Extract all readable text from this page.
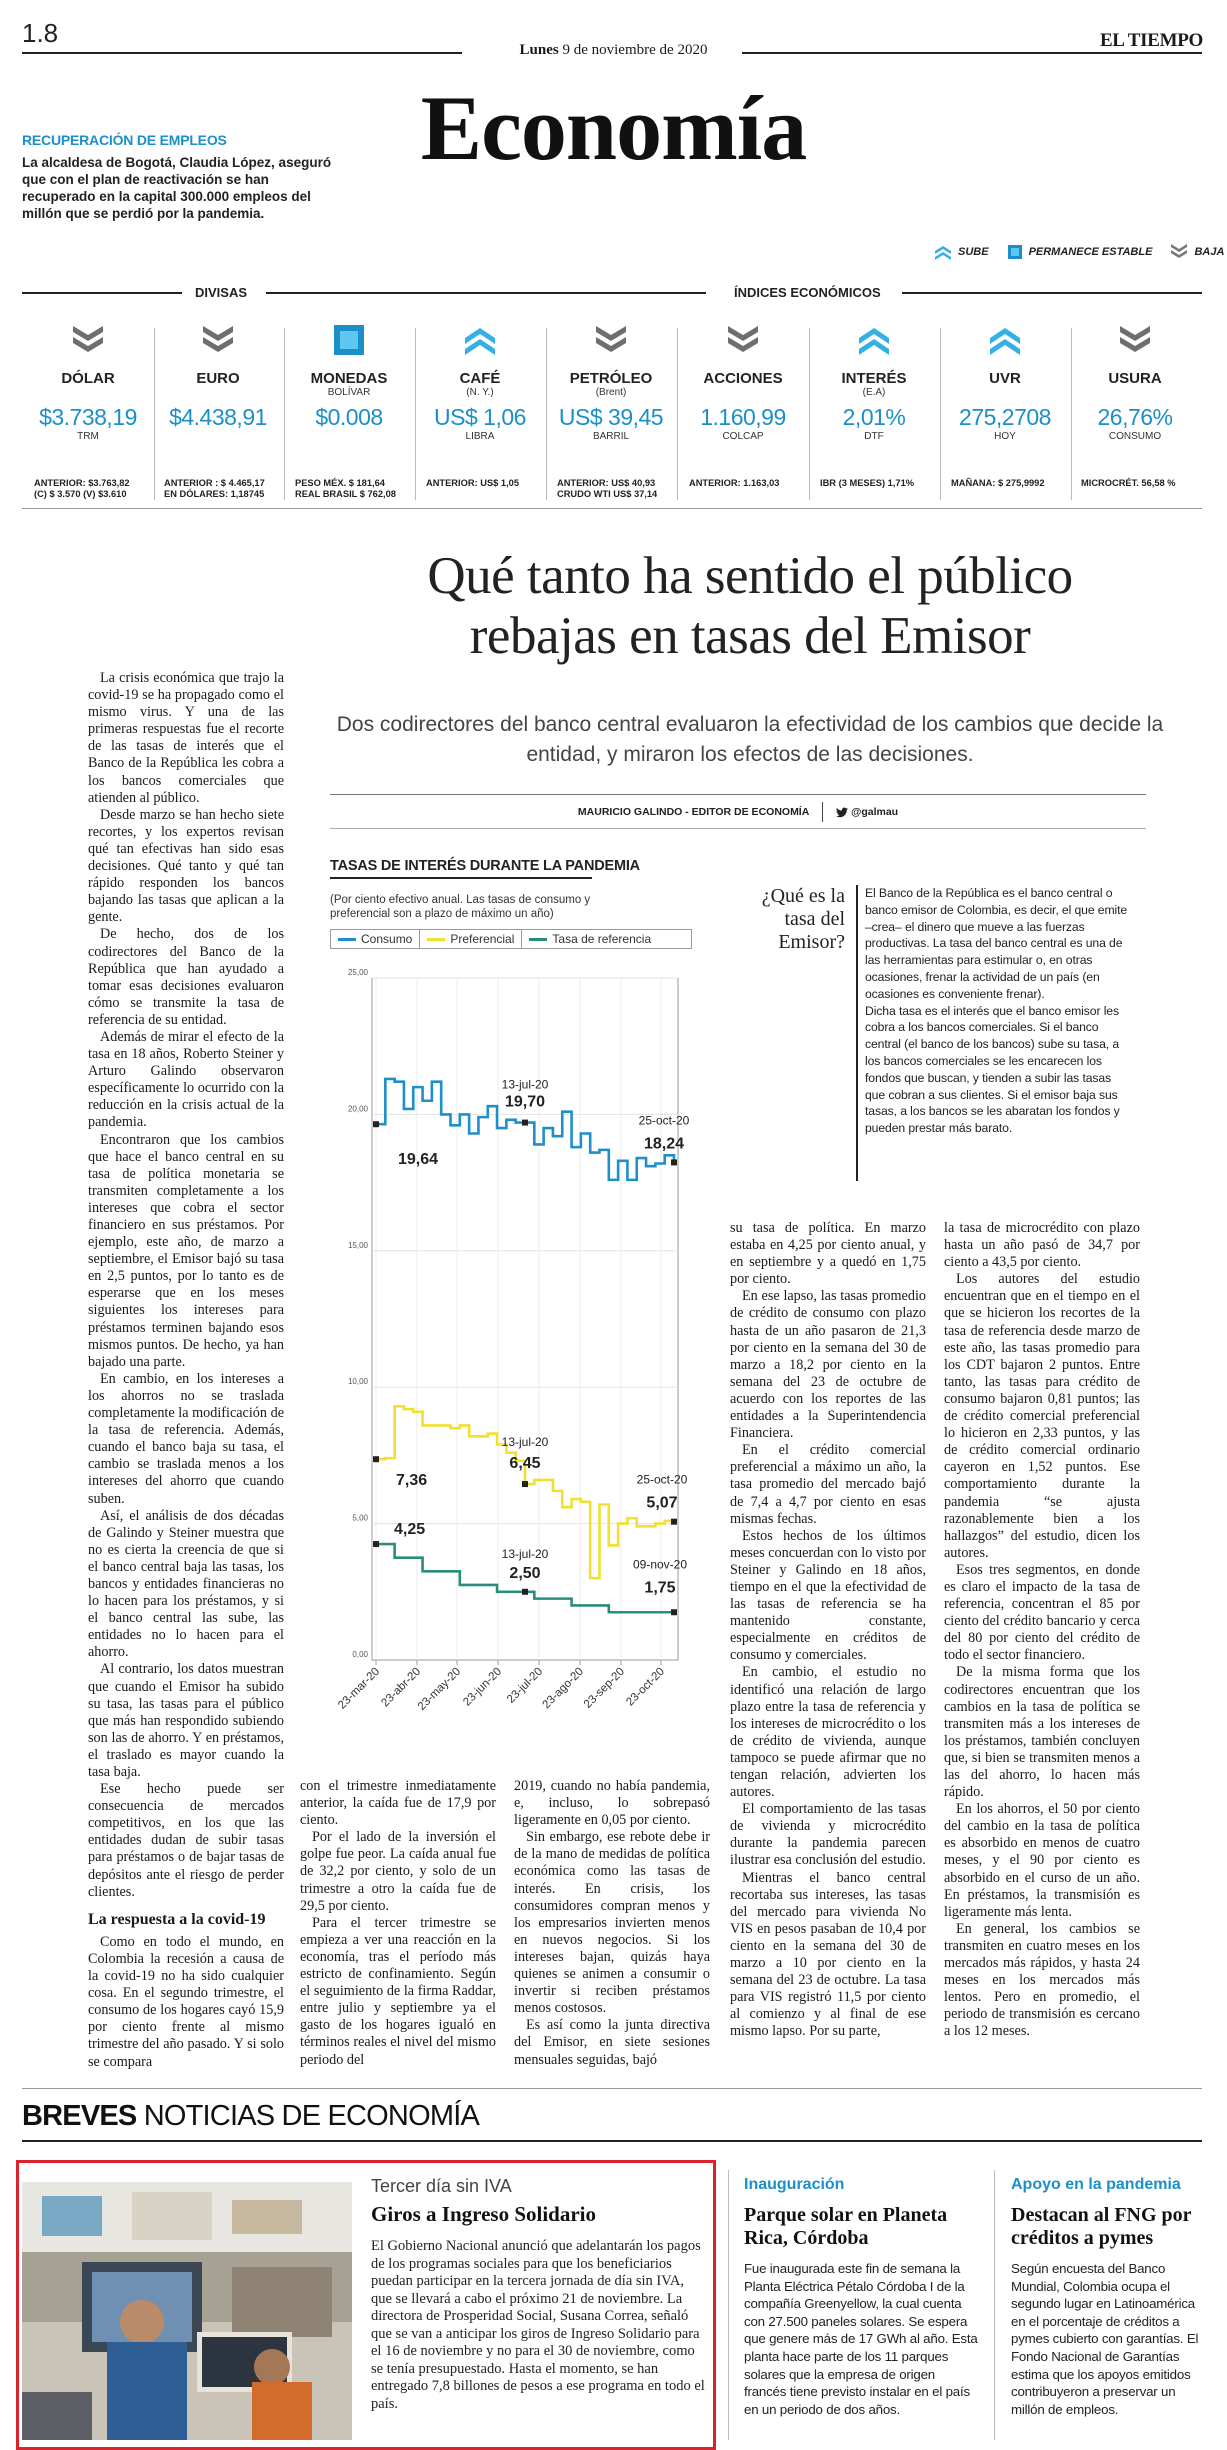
1.8
Lunes 9 de noviembre de 2020	EL TIEMPO
Economía
RECUPERACIÓN DE EMPLEOS
La alcaldesa de Bogotá, Claudia López, aseguró que con el plan de reactivación se han recuperado en la capital 300.000 empleos del millón que se perdió por la pandemia.
SUBE	PERMANECE ESTABLE	BAJA
DIVISAS	ÍNDICES ECONÓMICOS
DÓLAR
$3.738,19
TRM
ANTERIOR: $3.763,82
(C) $ 3.570 (V) $3.610
EURO
$4.438,91
ANTERIOR : $ 4.465,17
EN DÓLARES: 1,18745
MONEDAS
BOLÍVAR
$0.008
PESO MÉX. $ 181,64
REAL BRASIL $ 762,08
CAFÉ
(N. Y.)
US$ 1,06
LIBRA
ANTERIOR: US$ 1,05
PETRÓLEO
(Brent)
US$ 39,45
BARRIL
ANTERIOR: US$ 40,93
CRUDO WTI US$ 37,14
ACCIONES
1.160,99
COLCAP
ANTERIOR: 1.163,03
INTERÉS
(E.A)
2,01%
DTF
IBR (3 MESES) 1,71%
UVR
275,2708
HOY
MAÑANA: $ 275,9992
USURA
26,76%
CONSUMO
MICROCRÉT. 56,58 %
Qué tanto ha sentido el público
rebajas en tasas del Emisor
Dos codirectores del banco central evaluaron la efectividad de los cambios que decide la entidad, y miraron los efectos de las decisiones.
MAURICIO GALINDO - EDITOR DE ECONOMÍA	@galmau

La crisis económica que trajo la covid-19 se ha propagado como el mismo virus. Y una de las primeras respuestas fue el recorte de las tasas de interés que el Banco de la República les cobra a los bancos comerciales que atienden al público.

Desde marzo se han hecho siete recortes, y los expertos revisan qué tan efectivas han sido esas decisiones. Qué tanto y qué tan rápido responden los bancos bajando las tasas que aplican a la gente.

De hecho, dos de los codirectores del Banco de la República que han ayudado a tomar esas decisiones evaluaron cómo se transmite la tasa de referencia de su entidad.

Además de mirar el efecto de la tasa en 18 años, Roberto Steiner y Arturo Galindo observaron específicamente lo ocurrido con la reducción en la crisis actual de la pandemia.

Encontraron que los cambios que hace el banco central en su tasa de política monetaria se transmiten completamente a los intereses que cobra el sector financiero en sus préstamos. Por ejemplo, este año, de marzo a septiembre, el Emisor bajó su tasa en 2,5 puntos, por lo tanto es de esperarse que en los meses siguientes los intereses para préstamos terminen bajando esos mismos puntos. De hecho, ya han bajado una parte.

En cambio, en los intereses a los ahorros no se traslada completamente la modificación de la tasa de referencia. Además, cuando el banco baja su tasa, el cambio se traslada menos a los intereses del ahorro que cuando suben.

Así, el análisis de dos décadas de Galindo y Steiner muestra que no es cierta la creencia de que si el banco central baja las tasas, los bancos y entidades financieras no lo hacen para los préstamos, y si el banco central las sube, las entidades no lo hacen para el ahorro.

Al contrario, los datos muestran que cuando el Emisor ha subido su tasa, las tasas para el público que más han respondido subiendo son las de ahorro. Y en préstamos, el traslado es mayor cuando la tasa baja.

Ese hecho puede ser consecuencia de mercados competitivos, en los que las entidades dudan de subir tasas para préstamos o de bajar tasas de depósitos ante el riesgo de perder clientes.

La respuesta a la covid-19

Como en todo el mundo, en Colombia la recesión a causa de la covid-19 no ha sido cualquier cosa. En el segundo trimestre, el consumo de los hogares cayó 15,9 por ciento frente al mismo trimestre del año pasado. Y si solo se compara

TASAS DE INTERÉS DURANTE LA PANDEMIA
(Por ciento efectivo anual. Las tasas de consumo y preferencial son a plazo de máximo un año)
Consumo	Preferencial	Tasa de referencia
0,00
5,00
10,00
15,00
20,00
25,00
23-mar-20
23-abr-20
23-may-20
23-jun-20 23-jul-20
23-ago-20
23-sep-20
23-oct-20
13-jul-20
19,70
25-oct-20
18,24
19,64
13-jul-20
6,45
25-oct-20
5,07
7,36
13-jul-20
2,50
09-nov-20
1,75
4,25
¿Qué es la tasa del Emisor?
El Banco de la República es el banco central o banco emisor de Colombia, es decir, el que emite –crea– el dinero que mueve a las fuerzas productivas. La tasa del banco central es una de las herramientas para estimular o, en otras ocasiones, frenar la actividad de un país (en ocasiones es conveniente frenar).
Dicha tasa es el interés que el banco emisor les cobra a los bancos comerciales. Si el banco central (el banco de los bancos) sube su tasa, a los bancos comerciales se les encarecen los fondos que buscan, y tienden a subir las tasas que cobran a sus clientes. Si el emisor baja sus tasas, a los bancos se les abaratan los fondos y pueden prestar más barato.

con el trimestre inmediatamente anterior, la caída fue de 17,9 por ciento.

Por el lado de la inversión el golpe fue peor. La caída anual fue de 32,2 por ciento, y solo de un trimestre a otro la caída fue de 29,5 por ciento.

Para el tercer trimestre se empieza a ver una reacción en la economía, tras el período más estricto de confinamiento. Según el seguimiento de la firma Raddar, entre julio y septiembre ya el gasto de los hogares igualó en términos reales el nivel del mismo periodo del

2019, cuando no había pandemia, e, incluso, lo sobrepasó ligeramente en 0,05 por ciento.

Sin embargo, ese rebote debe ir de la mano de medidas de política económica como las tasas de interés. En crisis, los consumidores compran menos y los empresarios invierten menos en nuevos negocios. Si los intereses bajan, quizás haya quienes se animen a consumir o invertir si reciben préstamos menos costosos.

Es así como la junta directiva del Emisor, en siete sesiones mensuales seguidas, bajó

su tasa de política. En marzo estaba en 4,25 por ciento anual, y en septiembre y a quedó en 1,75 por ciento.

En ese lapso, las tasas promedio de crédito de consumo con plazo hasta de un año pasaron de 21,3 por ciento en la semana del 30 de marzo a 18,2 por ciento en la semana del 23 de octubre de acuerdo con los reportes de las entidades a la Superintendencia Financiera.

En el crédito comercial preferencial a máximo un año, la tasa promedio del mercado bajó de 7,4 a 4,7 por ciento en esas mismas fechas.

Estos hechos de los últimos meses concuerdan con lo visto por Steiner y Galindo en 18 años, tiempo en el que la efectividad de las tasas de referencia se ha mantenido constante, especialmente en créditos de consumo y comerciales.

En cambio, el estudio no identificó una relación de largo plazo entre la tasa de referencia y los intereses de microcrédito o los de crédito de vivienda, aunque tampoco se puede afirmar que no tengan relación, advierten los autores.

El comportamiento de las tasas de vivienda y microcrédito durante la pandemia parecen ilustrar esa conclusión del estudio.

Mientras el banco central recortaba sus intereses, las tasas del mercado para vivienda No VIS en pesos pasaban de 10,4 por ciento en la semana del 30 de marzo a 10 por ciento en la semana del 23 de octubre. La tasa para VIS registró 11,5 por ciento al comienzo y al final de ese mismo lapso. Por su parte,

la tasa de microcrédito con plazo hasta un año pasó de 34,7 por ciento a 43,5 por ciento.

Los autores del estudio encuentran que en el tiempo en el que se hicieron los recortes de la tasa de referencia desde marzo de este año, las tasas promedio para los CDT bajaron 2 puntos. Entre tanto, las tasas para crédito de consumo bajaron 0,81 puntos; las de crédito comercial preferencial lo hicieron en 2,33 puntos, y las de crédito comercial ordinario cayeron en 1,52 puntos. Ese comportamiento durante la pandemia “se ajusta razonablemente bien a los hallazgos” del estudio, dicen los autores.

Esos tres segmentos, en donde es claro el impacto de la tasa de referencia, concentran el 85 por ciento del crédito bancario y cerca del 80 por ciento del crédito de todo el sector financiero.

De la misma forma que los codirectores encuentran que los cambios en la tasa de política se transmiten más a los intereses de los préstamos, también concluyen que, si bien se transmiten menos a las del ahorro, lo hacen más rápido.

En los ahorros, el 50 por ciento del cambio en la tasa de política es absorbido en menos de cuatro meses, y el 90 por ciento es absorbido en el curso de un año. En préstamos, la transmisión es ligeramente más lenta.

En general, los cambios se transmiten en cuatro meses en los mercados más rápidos, y hasta 24 meses en los mercados más lentos. Pero en promedio, el periodo de transmisión es cercano a los 12 meses.

BREVES NOTICIAS DE ECONOMÍA
Tercer día sin IVA
Giros a Ingreso Solidario
El Gobierno Nacional anunció que adelantarán los pagos de los programas sociales para que los beneficiarios puedan participar en la tercera jornada de día sin IVA, que se llevará a cabo el próximo 21 de noviembre. La directora de Prosperidad Social, Susana Correa, señaló que se van a anticipar los giros de Ingreso Solidario para el 16 de noviembre y no para el 30 de noviembre, como se tenía presupuestado. Hasta el momento, se han entregado 7,8 billones de pesos a ese programa en todo el país.
Inauguración
Parque solar en Planeta Rica, Córdoba
Fue inaugurada este fin de semana la Planta Eléctrica Pétalo Córdoba I de la compañía Greenyellow, la cual cuenta con 27.500 paneles solares. Se espera que genere más de 17 GWh al año. Esta planta hace parte de los 11 parques solares que la empresa de origen francés tiene previsto instalar en el país en un periodo de dos años.
Apoyo en la pandemia
Destacan al FNG por créditos a pymes
Según encuesta del Banco Mundial, Colombia ocupa el segundo lugar en Latinoamérica en el porcentaje de créditos a pymes cubierto con garantías. El Fondo Nacional de Garantías estima que los apoyos emitidos contribuyeron a preservar un millón de empleos.
